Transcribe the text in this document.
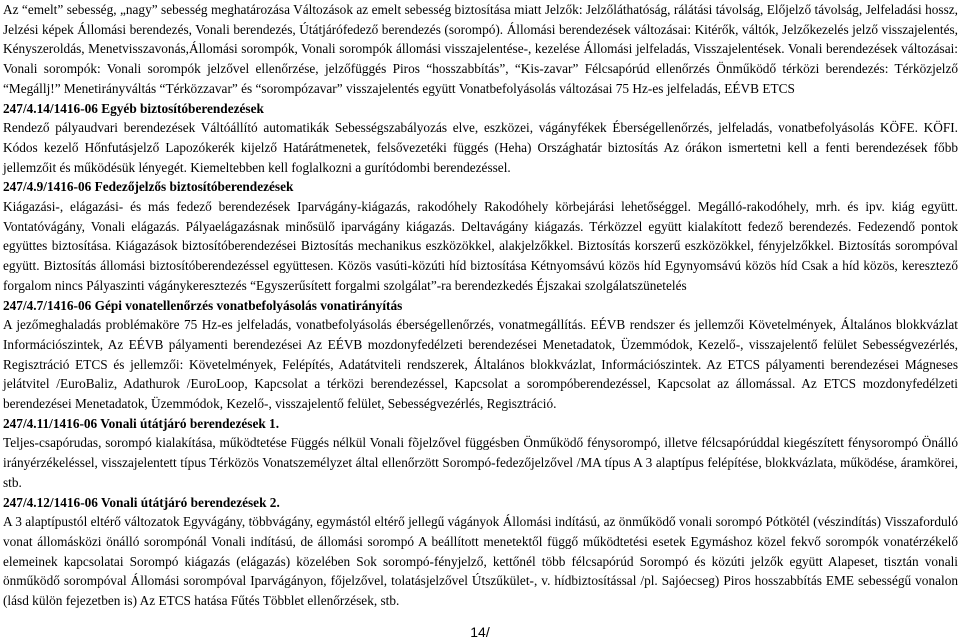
Az “emelt” sebesség, „nagy” sebesség meghatározása Változások az emelt sebesség biztosítása miatt Jelzők: Jelzőláthatóság, rálátási távolság, Előjelző távolság, Jelfeladási hossz, Jelzési képek Állomási berendezés, Vonali berendezés, Útátjárófedező berendezés (sorompó). Állomási berendezések változásai: Kitérők, váltók, Jelzőkezelés jelző visszajelentés, Kényszeroldás, Menetvisszavonás,Állomási sorompók, Vonali sorompók állomási visszajelentése-, kezelése Állomási jelfeladás, Visszajelentések. Vonali berendezések változásai: Vonali sorompók: Vonali sorompók jelzővel ellenőrzése, jelzőfüggés Piros “hosszabbítás”, “Kis-zavar” Félcsapórúd ellenőrzés Önműködő térközi berendezés: Térközjelző “Megállj!” Menetirányváltás “Térközzavar” és “sorompózavar” visszajelentés együtt Vonatbefolyásolás változásai 75 Hz-es jelfeladás, EÉVB ETCS

247/4.14/1416-06 Egyéb biztosítóberendezések

Rendező pályaudvari berendezések Váltóállító automatikák Sebességszabályozás elve, eszközei, vágányfékek Éberségellenőrzés, jelfeladás, vonatbefolyásolás KÖFE. KÖFI. Kódos kezelő Hőnfutásjelző Lapozókerék kijelző Határátmenetek, felsővezetéki függés (Heha) Országhatár biztosítás Az órákon ismertetni kell a fenti berendezések főbb jellemzőit és működésük lényegét. Kiemeltebben kell foglalkozni a gurítódombi berendezéssel.

247/4.9/1416-06 Fedezőjelzős biztosítóberendezések

Kiágazási-, elágazási- és más fedező berendezések Iparvágány-kiágazás, rakodóhely Rakodóhely körbejárási lehetőséggel. Megálló-rakodóhely, mrh. és ipv. kiág együtt. Vontatóvágány, Vonali elágazás. Pályaelágazásnak minősülő iparvágány kiágazás. Deltavágány kiágazás. Térközzel együtt kialakított fedező berendezés. Fedezendő pontok együttes biztosítása. Kiágazások biztosítóberendezései Biztosítás mechanikus eszközökkel, alakjelzőkkel. Biztosítás korszerű eszközökkel, fényjelzőkkel. Biztosítás sorompóval együtt. Biztosítás állomási biztosítóberendezéssel együttesen. Közös vasúti-közúti híd biztosítása Kétnyomsávú közös híd Egynyomsávú közös híd Csak a híd közös, keresztező forgalom nincs Pályaszinti vágánykeresztezés “Egyszerűsített forgalmi szolgálat”-ra berendezkedés Éjszakai szolgálatszünetelés

247/4.7/1416-06 Gépi vonatellenőrzés vonatbefolyásolás vonatirányítás

A jezőmeghaladás problémaköre 75 Hz-es jelfeladás, vonatbefolyásolás éberségellenőrzés, vonatmegállítás. EÉVB rendszer és jellemzői Követelmények, Általános blokkvázlat Információszintek, Az EÉVB pályamenti berendezései Az EÉVB mozdonyfedélzeti berendezései Menetadatok, Üzemmódok, Kezelő-, visszajelentő felület Sebességvezérlés, Regisztráció ETCS és jellemzői: Követelmények, Felépítés, Adatátviteli rendszerek, Általános blokkvázlat, Információszintek. Az ETCS pályamenti berendezései Mágneses jelátvitel /EuroBaliz, Adathurok /EuroLoop, Kapcsolat a térközi berendezéssel, Kapcsolat a sorompóberendezéssel, Kapcsolat az állomással. Az ETCS mozdonyfedélzeti berendezései Menetadatok, Üzemmódok, Kezelő-, visszajelentő felület, Sebességvezérlés, Regisztráció.

247/4.11/1416-06 Vonali útátjáró berendezések 1.

Teljes-csapórudas, sorompó kialakítása, működtetése Függés nélkül Vonali fõjelzővel függésben Önműködő fénysorompó, illetve félcsapórúddal kiegészített fénysorompó Önálló irányérzékeléssel, visszajelentett típus Térközös Vonatszemélyzet által ellenőrzött Sorompó-fedezőjelzővel /MA típus A 3 alaptípus felépítése, blokkvázlata, működése, áramkörei, stb.

247/4.12/1416-06 Vonali útátjáró berendezések 2.

A 3 alaptípustól eltérő változatok Egyvágány, többvágány, egymástól eltérő jellegű vágányok Állomási indítású, az önműködő vonali sorompó Pótkötél (vészindítás) Visszaforduló vonat állomásközi önálló sorompónál Vonali indítású, de állomási sorompó A beállított menetektől függő működtetési esetek Egymáshoz közel fekvő sorompók vonatérzékelő elemeinek kapcsolatai Sorompó kiágazás (elágazás) közelében Sok sorompó-fényjelző, kettőnél több félcsapórúd Sorompó és közúti jelzők együtt Alapeset, tisztán vonali önműködő sorompóval Állomási sorompóval Iparvágányon, főjelzővel, tolatásjelzővel Útszűkület-, v. hídbiztosítással /pl. Sajóecseg) Piros hosszabbítás EME sebességű vonalon (lásd külön fejezetben is) Az ETCS hatása Fűtés Többlet ellenőrzések, stb.

14/
